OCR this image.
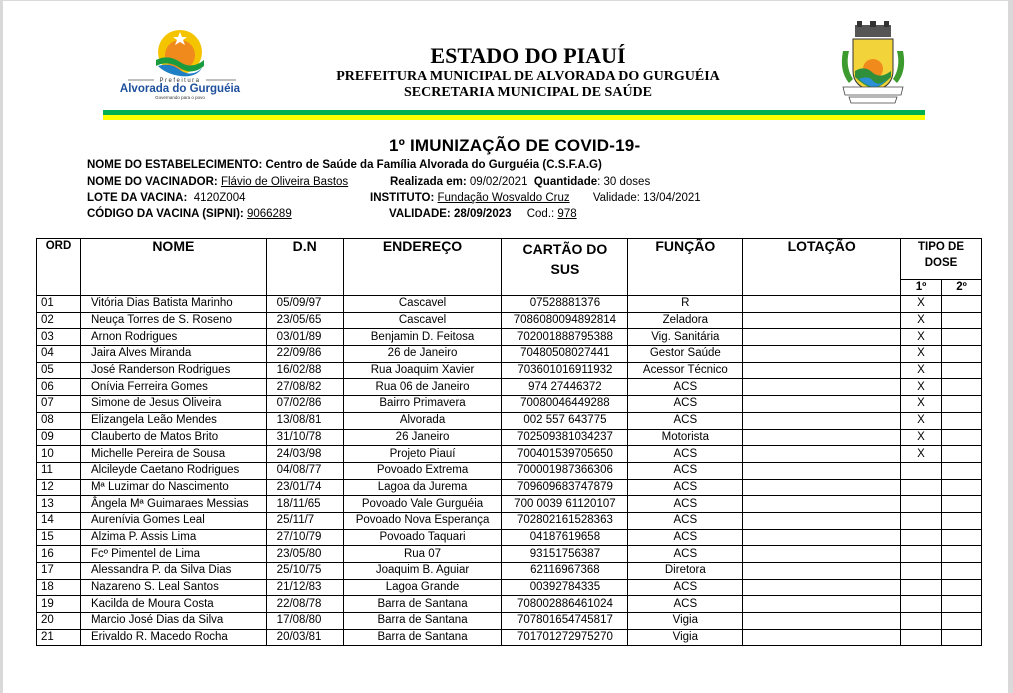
Prefeitura
Alvorada do Gurguéia
Governando para o povo
ESTADO DO PIAUÍ
PREFEITURA MUNICIPAL DE ALVORADA DO GURGUÉIA
SECRETARIA MUNICIPAL DE SAÚDE
1º IMUNIZAÇÃO DE COVID-19-
NOME DO ESTABELECIMENTO: Centro de Saúde da Família Alvorada do Gurguéia (C.S.F.A.G)
NOME DO VACINADOR: Flávio de Oliveira Bastos	Realizada em: 09/02/2021 Quantidade: 30 doses
LOTE DA VACINA: 4120Z004	INSTITUTO: Fundação Wosvaldo Cruz Validade: 13/04/2021
CÓDIGO DA VACINA (SIPNI): 9066289	VALIDADE: 28/09/2023 Cod.: 978
ORD	NOME	D.N	ENDEREÇO	CARTÃO DO SUS	FUNÇÃO	LOTAÇÃO	TIPO DE DOSE	
							1º	2º
01	Vitória Dias Batista Marinho	05/09/97	Cascavel	07528881376	R		X	
02	Neuça Torres de S. Roseno	23/05/65	Cascavel	7086080094892814	Zeladora		X	
03	Arnon Rodrigues	03/01/89	Benjamin D. Feitosa	702001888795388	Vig. Sanitária		X	
04	Jaira Alves Miranda	22/09/86	26 de Janeiro	70480508027441	Gestor Saúde		X	
05	José Randerson Rodrigues	16/02/88	Rua Joaquim Xavier	703601016911932	Acessor Técnico		X	
06	Onívia Ferreira Gomes	27/08/82	Rua 06 de Janeiro	974 27446372	ACS		X	
07	Simone de Jesus Oliveira	07/02/86	Bairro Primavera	70080046449288	ACS		X	
08	Elizangela Leão Mendes	13/08/81	Alvorada	002 557 643775	ACS		X	
09	Clauberto de Matos Brito	31/10/78	26 Janeiro	702509381034237	Motorista		X	
10	Michelle Pereira de Sousa	24/03/98	Projeto Piauí	700401539705650	ACS		X	
11	Alcileyde Caetano Rodrigues	04/08/77	Povoado Extrema	700001987366306	ACS			
12	Mª Luzimar do Nascimento	23/01/74	Lagoa da Jurema	709609683747879	ACS			
13	Ângela Mª Guimaraes Messias	18/11/65	Povoado Vale Gurguéia	700 0039 61120107	ACS			
14	Aurenívia Gomes Leal	25/11/7	Povoado Nova Esperança	702802161528363	ACS			
15	Alzima P. Assis Lima	27/10/79	Povoado Taquari	04187619658	ACS			
16	Fcº Pimentel de Lima	23/05/80	Rua 07	93151756387	ACS			
17	Alessandra P. da Silva Dias	25/10/75	Joaquim B. Aguiar	62116967368	Diretora			
18	Nazareno S. Leal Santos	21/12/83	Lagoa Grande	00392784335	ACS			
19	Kacilda de Moura Costa	22/08/78	Barra de Santana	708002886461024	ACS			
20	Marcio José Dias da Silva	17/08/80	Barra de Santana	707801654745817	Vigia			
21	Erivaldo R. Macedo Rocha	20/03/81	Barra de Santana	701701272975270	Vigia			
